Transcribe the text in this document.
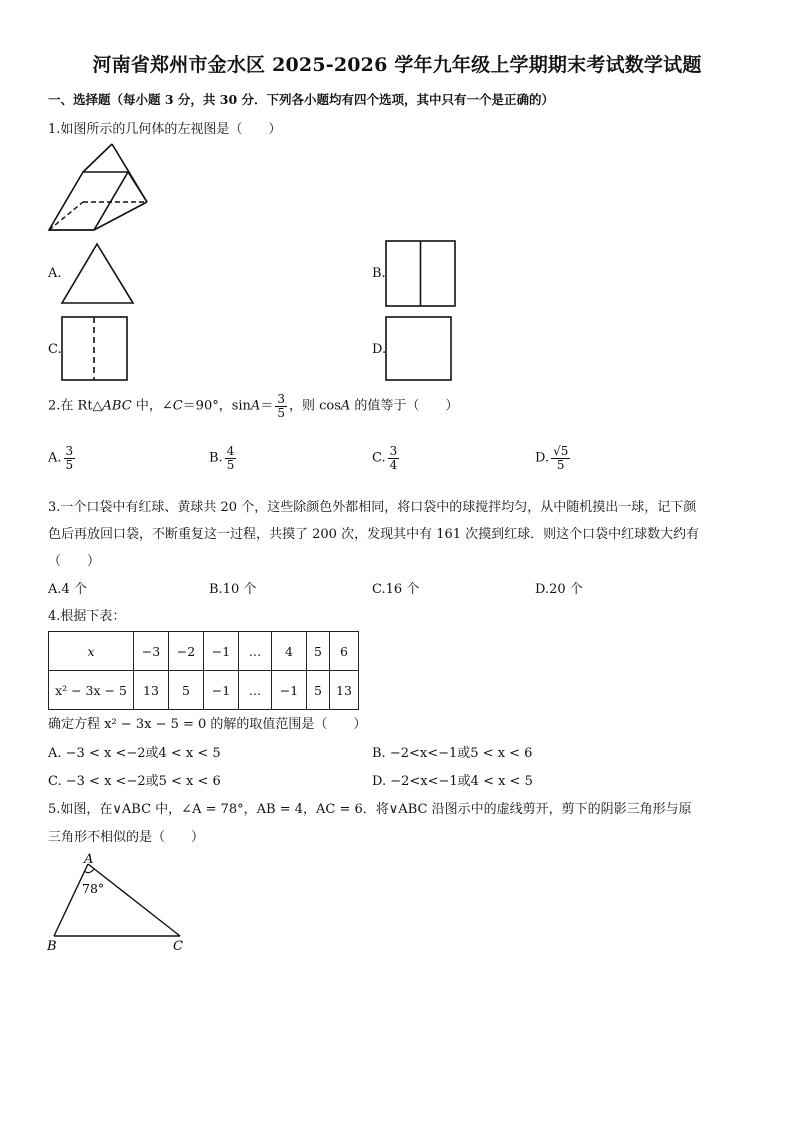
河南省郑州市金水区 2025-2026 学年九年级上学期期末考试数学试题
一、选择题（每小题 3 分，共 30 分．下列各小题均有四个选项，其中只有一个是正确的）
1.如图所示的几何体的左视图是（　　）
A.	B.
C.	D.
2.在 Rt△ABC 中，∠C＝90°，$\sin A= \frac{3}{5}$ ，则 cosA 的值等于（　　）
A. $\frac{3}{5}$	B. $\frac{4}{5}$	C. $\frac{3}{4}$	D. $\frac{√5}{5}$
3.一个口袋中有红球、黄球共 20 个，这些除颜色外都相同，将口袋中的球搅拌均匀，从中随机摸出一球，记下颜
色后再放回口袋，不断重复这一过程，共摸了 200 次，发现其中有 161 次摸到红球．则这个口袋中红球数大约有
（　　）
A.4 个	B.10 个	C.16 个	D.20 个
4.根据下表：
x	−3	−2	−1	…	4	5	6
x² − 3x − 5	13	5	−1	…	−1	5	13
确定方程 x² − 3x − 5 = 0 的解的取值范围是（　　）
A. −3 < x <−2或4 < x < 5	B. −2<x<−1或5 < x < 6
C. −3 < x <−2或5 < x < 6	D. −2<x<−1或4 < x < 5
5.如图，在∨ABC 中，∠A = 78°，AB = 4，AC = 6．将∨ABC 沿图示中的虚线剪开，剪下的阴影三角形与原
三角形不相似的是（　　）
A
78°
B	C
